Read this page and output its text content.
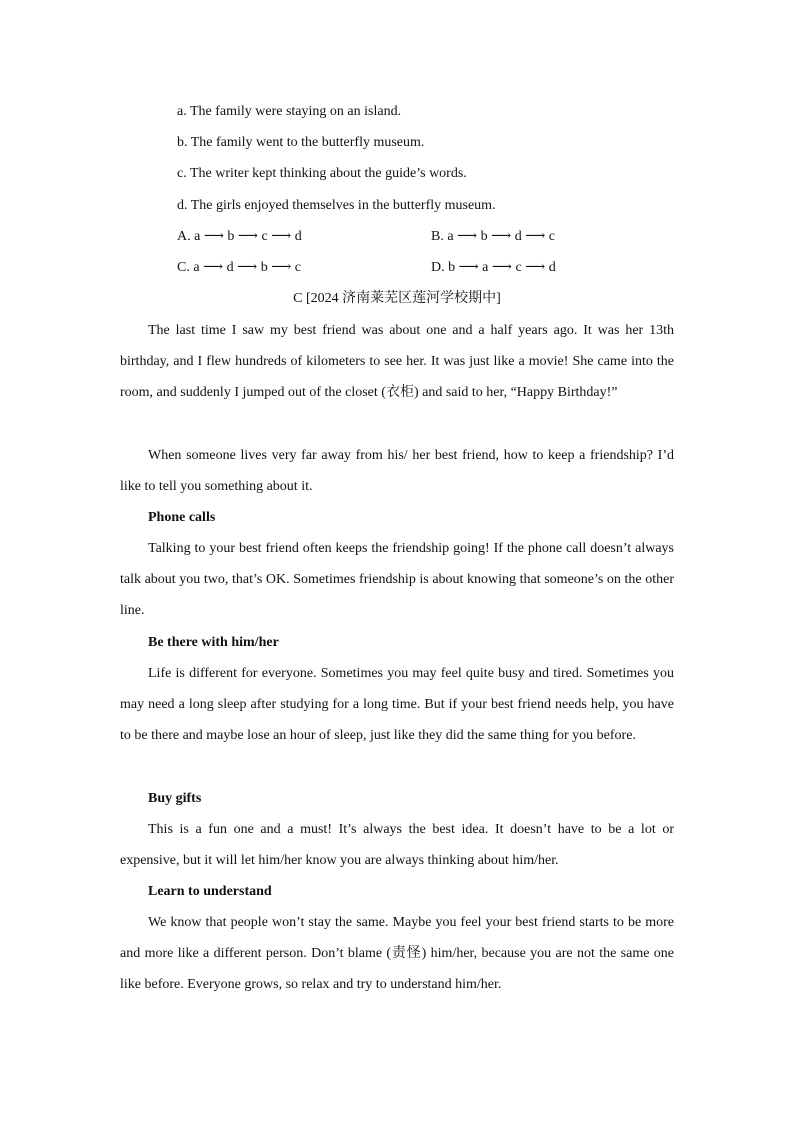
a. The family were staying on an island.
b. The family went to the butterfly museum.
c. The writer kept thinking about the guide’s words.
d. The girls enjoyed themselves in the butterfly museum.
A. a ⟶ b ⟶ c ⟶ d	B. a ⟶ b ⟶ d ⟶ c
C. a ⟶ d ⟶ b ⟶ c	D. b ⟶ a ⟶ c ⟶ d
C [2024 济南莱芜区莲河学校期中]

The last time I saw my best friend was about one and a half years ago. It was her 13th birthday, and I flew hundreds of kilometers to see her. It was just like a movie! She came into the room, and suddenly I jumped out of the closet (衣柜) and said to her, “Happy Birthday!”

When someone lives very far away from his/ her best friend, how to keep a friendship? I’d like to tell you something about it.

Phone calls

Talking to your best friend often keeps the friendship going! If the phone call doesn’t always talk about you two, that’s OK. Sometimes friendship is about knowing that someone’s on the other line.

Be there with him/her

Life is different for everyone. Sometimes you may feel quite busy and tired. Sometimes you may need a long sleep after studying for a long time. But if your best friend needs help, you have to be there and maybe lose an hour of sleep, just like they did the same thing for you before.

Buy gifts

This is a fun one and a must! It’s always the best idea. It doesn’t have to be a lot or expensive, but it will let him/her know you are always thinking about him/her.

Learn to understand

We know that people won’t stay the same. Maybe you feel your best friend starts to be more and more like a different person. Don’t blame (责怪) him/her, because you are not the same one like before. Everyone grows, so relax and try to understand him/her.
